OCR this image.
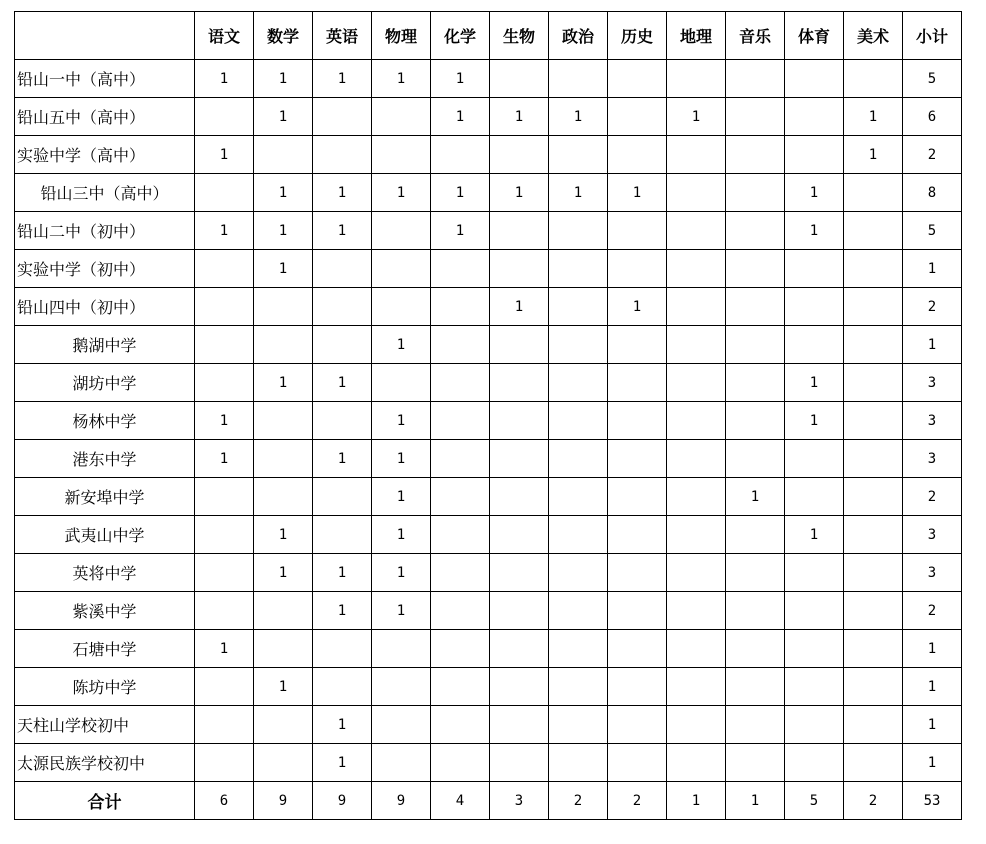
	语文	数学	英语	物理	化学	生物	政治	历史	地理	音乐	体育	美术	小计
铅山一中（高中）	1	1	1	1	1								5
铅山五中（高中）		1			1	1	1		1			1	6
实验中学（高中）	1											1	2
铅山三中（高中）		1	1	1	1	1	1	1			1		8
铅山二中（初中）	1	1	1		1						1		5
实验中学（初中）		1											1
铅山四中（初中）						1		1					2
鹅湖中学				1									1
湖坊中学		1	1								1		3
杨林中学	1			1							1		3
港东中学	1		1	1									3
新安埠中学				1						1			2
武夷山中学		1		1							1		3
英将中学		1	1	1									3
紫溪中学			1	1									2
石塘中学	1												1
陈坊中学		1											1
天柱山学校初中			1										1
太源民族学校初中			1										1
合计	6	9	9	9	4	3	2	2	1	1	5	2	53
